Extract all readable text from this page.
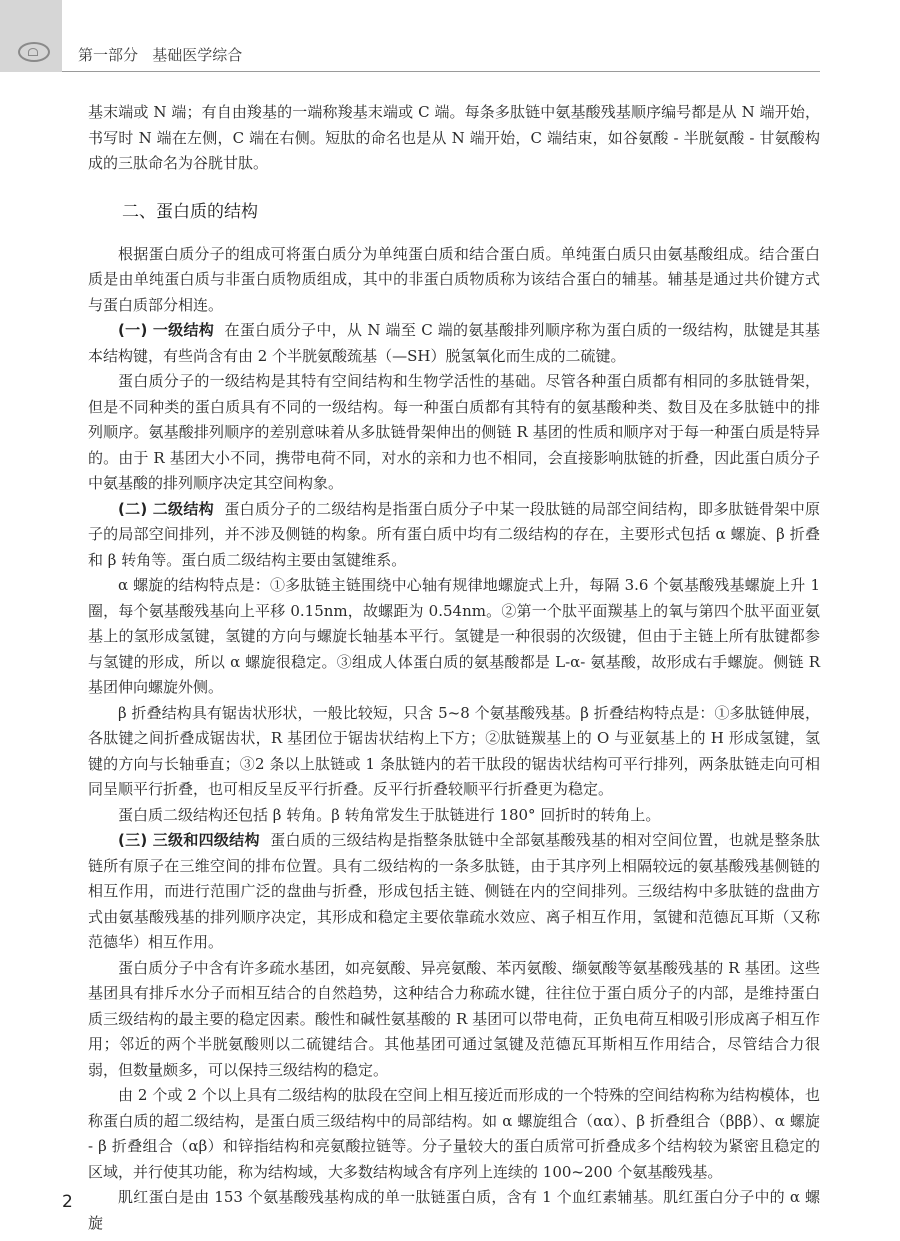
第一部分   基础医学综合

基末端或 N 端；有自由羧基的一端称羧基末端或 C 端。每条多肽链中氨基酸残基顺序编号都是从 N 端开始，书写时 N 端在左侧，C 端在右侧。短肽的命名也是从 N 端开始，C 端结束，如谷氨酸 - 半胱氨酸 - 甘氨酸构成的三肽命名为谷胱甘肽。

二、蛋白质的结构

根据蛋白质分子的组成可将蛋白质分为单纯蛋白质和结合蛋白质。单纯蛋白质只由氨基酸组成。结合蛋白质是由单纯蛋白质与非蛋白质物质组成，其中的非蛋白质物质称为该结合蛋白的辅基。辅基是通过共价键方式与蛋白质部分相连。

(一) 一级结构 在蛋白质分子中，从 N 端至 C 端的氨基酸排列顺序称为蛋白质的一级结构，肽键是其基本结构键，有些尚含有由 2 个半胱氨酸巯基（—SH）脱氢氧化而生成的二硫键。

蛋白质分子的一级结构是其特有空间结构和生物学活性的基础。尽管各种蛋白质都有相同的多肽链骨架，但是不同种类的蛋白质具有不同的一级结构。每一种蛋白质都有其特有的氨基酸种类、数目及在多肽链中的排列顺序。氨基酸排列顺序的差别意味着从多肽链骨架伸出的侧链 R 基团的性质和顺序对于每一种蛋白质是特异的。由于 R 基团大小不同，携带电荷不同，对水的亲和力也不相同，会直接影响肽链的折叠，因此蛋白质分子中氨基酸的排列顺序决定其空间构象。

(二) 二级结构 蛋白质分子的二级结构是指蛋白质分子中某一段肽链的局部空间结构，即多肽链骨架中原子的局部空间排列，并不涉及侧链的构象。所有蛋白质中均有二级结构的存在，主要形式包括 α 螺旋、β 折叠和 β 转角等。蛋白质二级结构主要由氢键维系。

α 螺旋的结构特点是：①多肽链主链围绕中心轴有规律地螺旋式上升，每隔 3.6 个氨基酸残基螺旋上升 1 圈，每个氨基酸残基向上平移 0.15nm，故螺距为 0.54nm。②第一个肽平面羰基上的氧与第四个肽平面亚氨基上的氢形成氢键，氢键的方向与螺旋长轴基本平行。氢键是一种很弱的次级键，但由于主链上所有肽键都参与氢键的形成，所以 α 螺旋很稳定。③组成人体蛋白质的氨基酸都是 L-α- 氨基酸，故形成右手螺旋。侧链 R 基团伸向螺旋外侧。

β 折叠结构具有锯齿状形状，一般比较短，只含 5~8 个氨基酸残基。β 折叠结构特点是：①多肽链伸展，各肽键之间折叠成锯齿状，R 基团位于锯齿状结构上下方；②肽链羰基上的 O 与亚氨基上的 H 形成氢键，氢键的方向与长轴垂直；③2 条以上肽链或 1 条肽链内的若干肽段的锯齿状结构可平行排列，两条肽链走向可相同呈顺平行折叠，也可相反呈反平行折叠。反平行折叠较顺平行折叠更为稳定。

蛋白质二级结构还包括 β 转角。β 转角常发生于肽链进行 180° 回折时的转角上。

(三) 三级和四级结构 蛋白质的三级结构是指整条肽链中全部氨基酸残基的相对空间位置，也就是整条肽链所有原子在三维空间的排布位置。具有二级结构的一条多肽链，由于其序列上相隔较远的氨基酸残基侧链的相互作用，而进行范围广泛的盘曲与折叠，形成包括主链、侧链在内的空间排列。三级结构中多肽链的盘曲方式由氨基酸残基的排列顺序决定，其形成和稳定主要依靠疏水效应、离子相互作用，氢键和范德瓦耳斯（又称范德华）相互作用。

蛋白质分子中含有许多疏水基团，如亮氨酸、异亮氨酸、苯丙氨酸、缬氨酸等氨基酸残基的 R 基团。这些基团具有排斥水分子而相互结合的自然趋势，这种结合力称疏水键，往往位于蛋白质分子的内部，是维持蛋白质三级结构的最主要的稳定因素。酸性和碱性氨基酸的 R 基团可以带电荷，正负电荷互相吸引形成离子相互作用；邻近的两个半胱氨酸则以二硫键结合。其他基团可通过氢键及范德瓦耳斯相互作用结合，尽管结合力很弱，但数量颇多，可以保持三级结构的稳定。

由 2 个或 2 个以上具有二级结构的肽段在空间上相互接近而形成的一个特殊的空间结构称为结构模体，也称蛋白质的超二级结构，是蛋白质三级结构中的局部结构。如 α 螺旋组合（αα）、β 折叠组合（βββ）、α 螺旋 - β 折叠组合（αβ）和锌指结构和亮氨酸拉链等。分子量较大的蛋白质常可折叠成多个结构较为紧密且稳定的区域，并行使其功能，称为结构域，大多数结构域含有序列上连续的 100~200 个氨基酸残基。

肌红蛋白是由 153 个氨基酸残基构成的单一肽链蛋白质，含有 1 个血红素辅基。肌红蛋白分子中的 α 螺旋

2
